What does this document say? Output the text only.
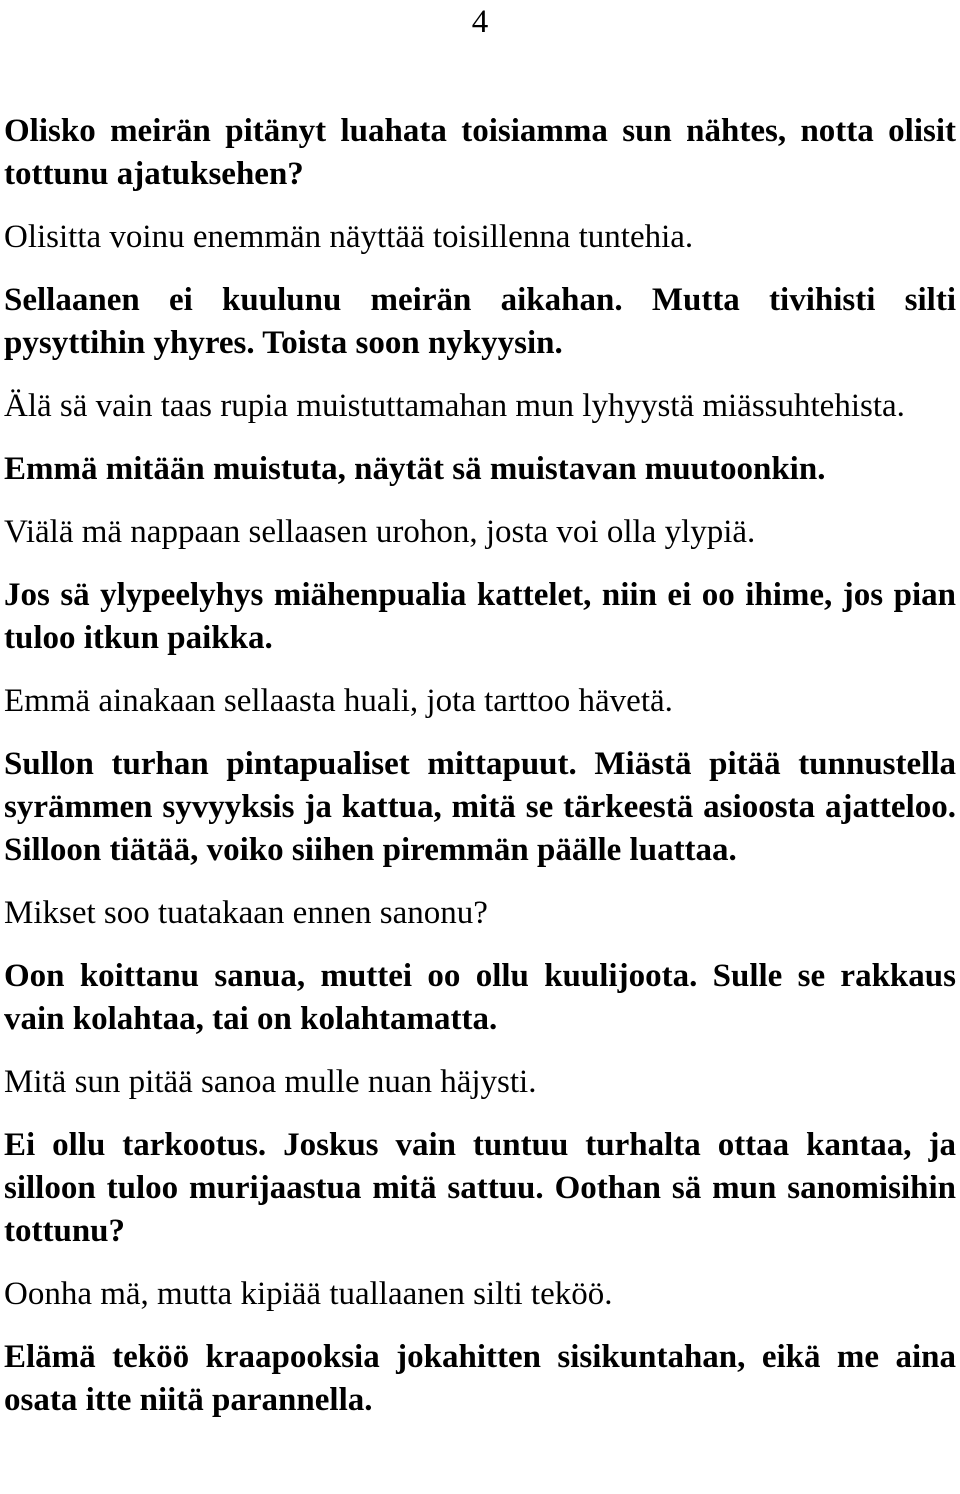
4

Olisko meirän pitänyt luahata toisiamma sun nähtes, notta olisit tottunu ajatuksehen?

Olisitta voinu enemmän näyttää toisillenna tuntehia.

Sellaanen ei kuulunu meirän aikahan. Mutta tivihisti silti pysyttihin yhyres. Toista soon nykyysin.

Älä sä vain taas rupia muistuttamahan mun lyhyystä miässuhtehista.

Emmä mitään muistuta, näytät sä muistavan muutoonkin.

Viälä mä nappaan sellaasen urohon, josta voi olla ylypiä.

Jos sä ylypeelyhys miähenpualia kattelet, niin ei oo ihime, jos pian tuloo itkun paikka.

Emmä ainakaan sellaasta huali, jota tarttoo hävetä.

Sullon turhan pintapualiset mittapuut. Miästä pitää tunnustella syrämmen syvyyksis ja kattua, mitä se tärkeestä asioosta ajatteloo. Silloon tiätää, voiko siihen piremmän päälle luattaa.

Mikset soo tuatakaan ennen sanonu?

Oon koittanu sanua, muttei oo ollu kuulijoota. Sulle se rakkaus vain kolahtaa, tai on kolahtamatta.

Mitä sun pitää sanoa mulle nuan häjysti.

Ei ollu tarkootus. Joskus vain tuntuu turhalta ottaa kantaa, ja silloon tuloo murijaastua mitä sattuu. Oothan sä mun sanomisihin tottunu?

Oonha mä, mutta kipiää tuallaanen silti teköö.

Elämä teköö kraapooksia jokahitten sisikuntahan, eikä me aina osata itte niitä parannella.
